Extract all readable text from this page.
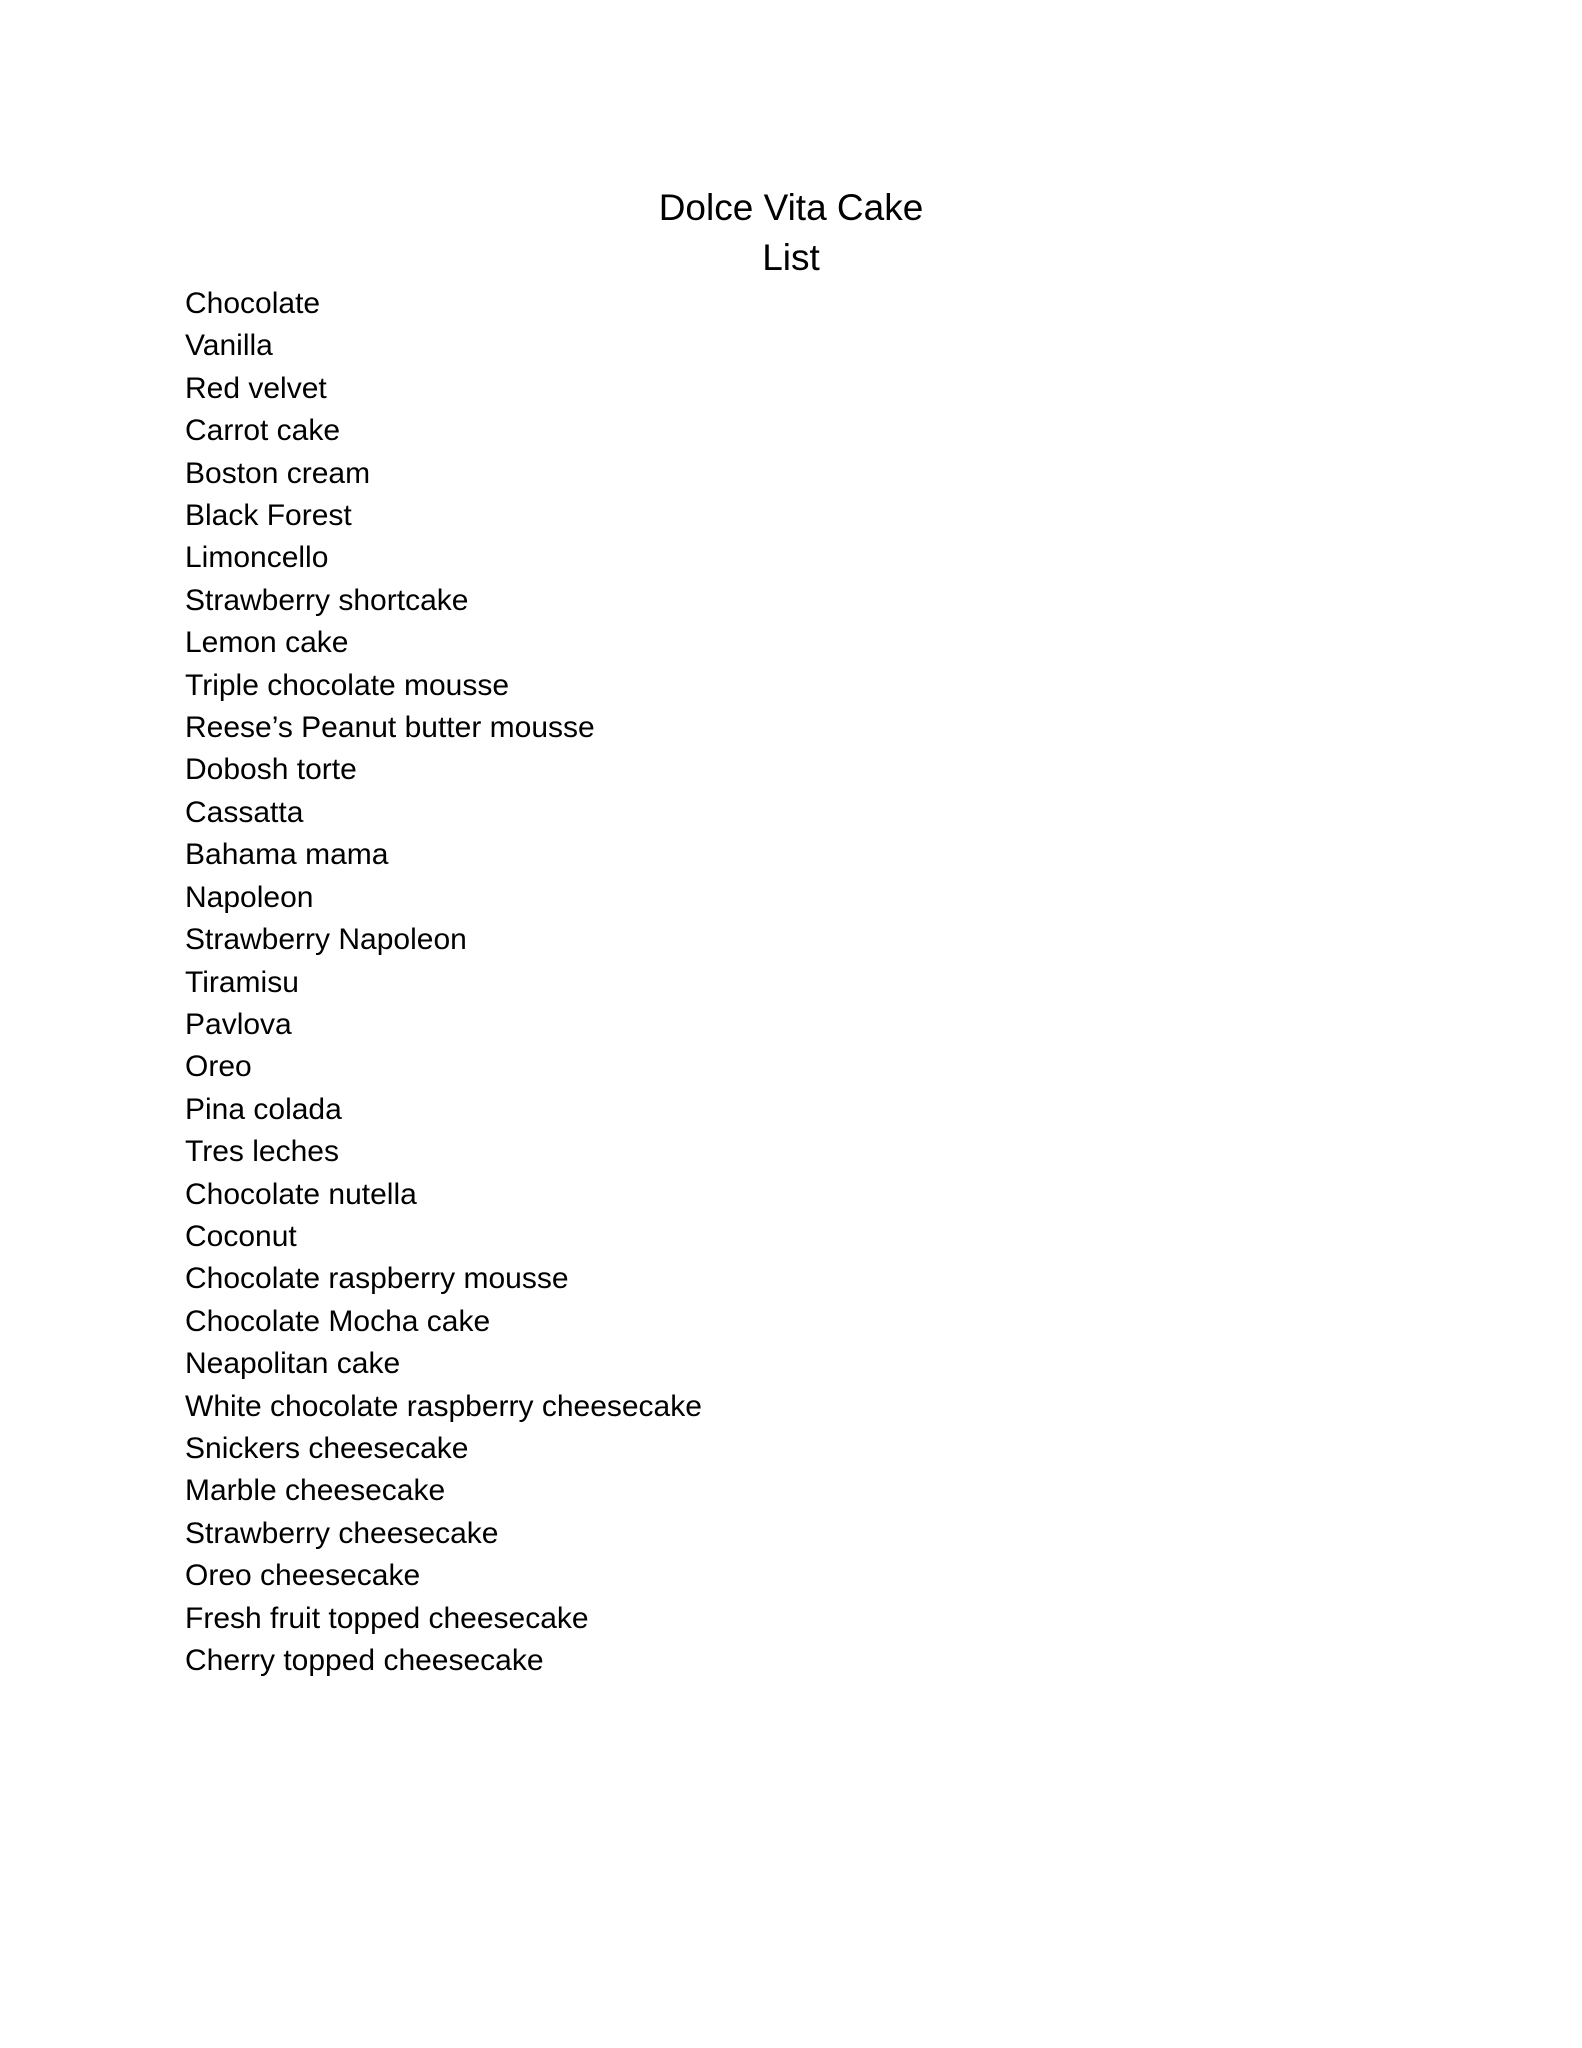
Dolce Vita Cake
List
Chocolate
Vanilla
Red velvet
Carrot cake
Boston cream
Black Forest
Limoncello
Strawberry shortcake
Lemon cake
Triple chocolate mousse
Reese’s Peanut butter mousse
Dobosh torte
Cassatta
Bahama mama
Napoleon
Strawberry Napoleon
Tiramisu
Pavlova
Oreo
Pina colada
Tres leches
Chocolate nutella
Coconut
Chocolate raspberry mousse
Chocolate Mocha cake
Neapolitan cake
White chocolate raspberry cheesecake
Snickers cheesecake
Marble cheesecake
Strawberry cheesecake
Oreo cheesecake
Fresh fruit topped cheesecake
Cherry topped cheesecake
